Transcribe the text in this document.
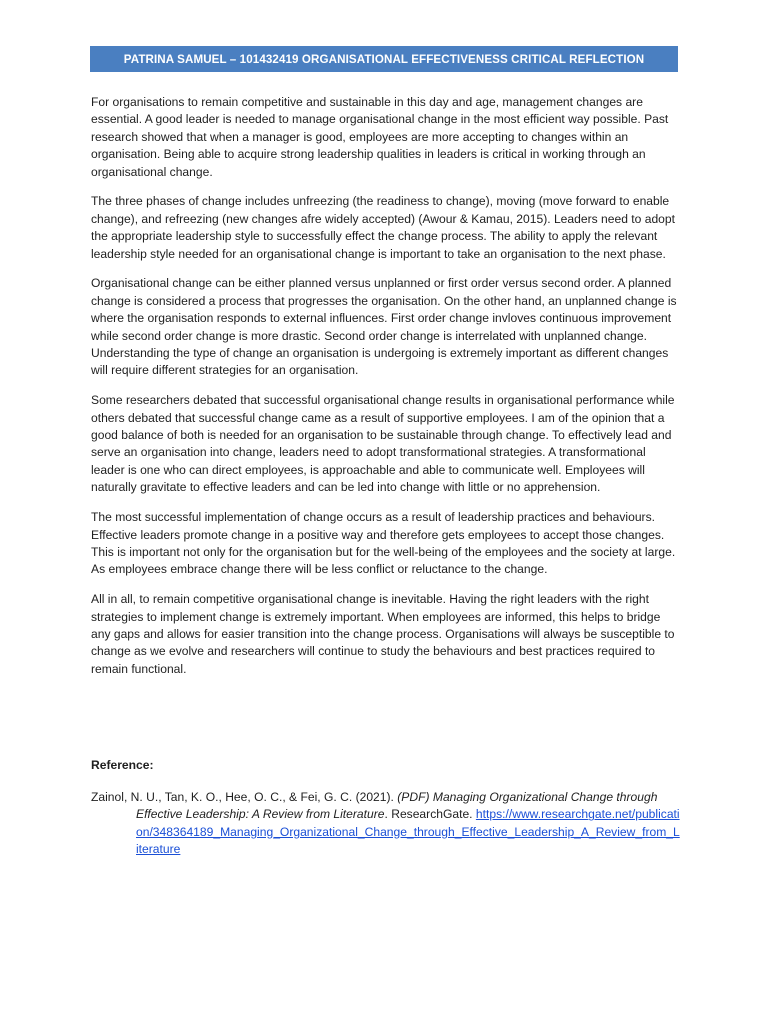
PATRINA SAMUEL – 101432419 ORGANISATIONAL EFFECTIVENESS CRITICAL REFLECTION

For organisations to remain competitive and sustainable in this day and age, management changes are essential. A good leader is needed to manage organisational change in the most efficient way possible. Past research showed that when a manager is good, employees are more accepting to changes within an organisation. Being able to acquire strong leadership qualities in leaders is critical in working through an organisational change.

The three phases of change includes unfreezing (the readiness to change), moving (move forward to enable change), and refreezing (new changes afre widely accepted) (Awour & Kamau, 2015). Leaders need to adopt the appropriate leadership style to successfully effect the change process. The ability to apply the relevant leadership style needed for an organisational change is important to take an organisation to the next phase.

Organisational change can be either planned versus unplanned or first order versus second order. A planned change is considered a process that progresses the organisation. On the other hand, an unplanned change is where the organisation responds to external influences. First order change invloves continuous improvement while second order change is more drastic. Second order change is interrelated with unplanned change. Understanding the type of change an organisation is undergoing is extremely important as different changes will require different strategies for an organisation.

Some researchers debated that successful organisational change results in organisational performance while others debated that successful change came as a result of supportive employees. I am of the opinion that a good balance of both is needed for an organisation to be sustainable through change. To effectively lead and serve an organisation into change, leaders need to adopt transformational strategies. A transformational leader is one who can direct employees, is approachable and able to communicate well. Employees will naturally gravitate to effective leaders and can be led into change with little or no apprehension.

The most successful implementation of change occurs as a result of leadership practices and behaviours. Effective leaders promote change in a positive way and therefore gets employees to accept those changes. This is important not only for the organisation but for the well-being of the employees and the society at large. As employees embrace change there will be less conflict or reluctance to the change.

All in all, to remain competitive organisational change is inevitable. Having the right leaders with the right strategies to implement change is extremely important. When employees are informed, this helps to bridge any gaps and allows for easier transition into the change process. Organisations will always be susceptible to change as we evolve and researchers will continue to study the behaviours and best practices required to remain functional.

Reference:
Zainol, N. U., Tan, K. O., Hee, O. C., & Fei, G. C. (2021). (PDF) Managing Organizational Change through Effective Leadership: A Review from Literature. ResearchGate. https://www.researchgate.net/publication/348364189_Managing_Organizational_Change_through_Effective_Leadership_A_Review_from_Literature
